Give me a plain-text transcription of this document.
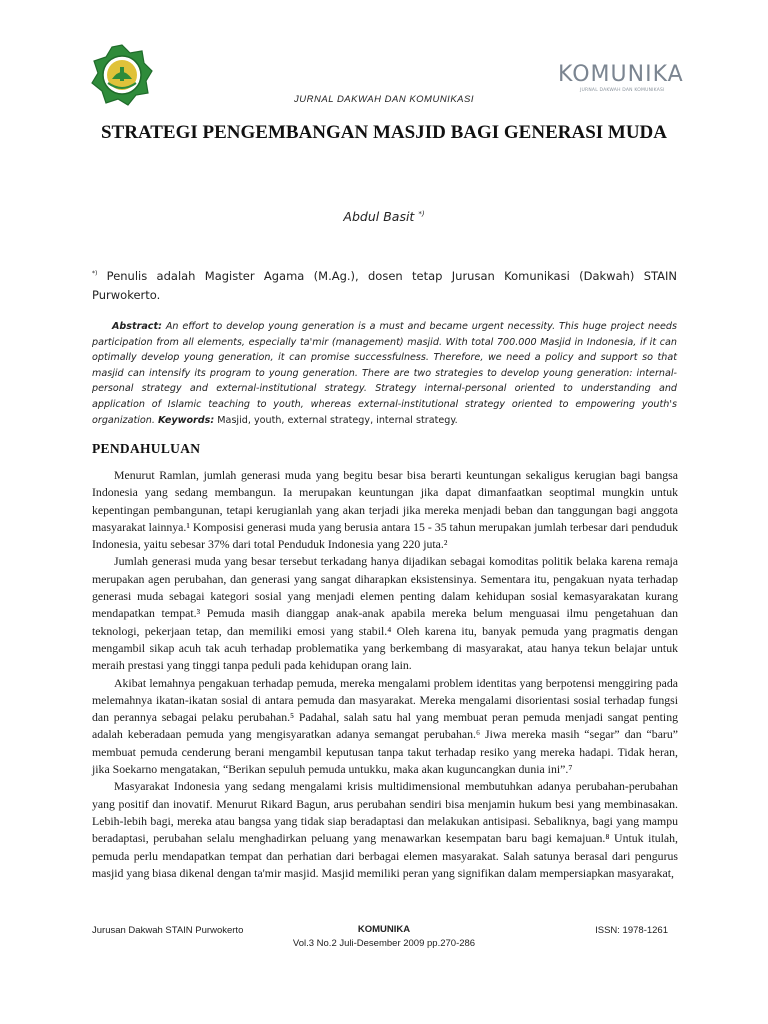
KOMUNIKA
JURNAL DAKWAH DAN KOMUNIKASI
JURNAL DAKWAH DAN KOMUNIKASI
STRATEGI PENGEMBANGAN MASJID BAGI GENERASI MUDA
Abdul Basit *)
*) Penulis adalah Magister Agama (M.Ag.), dosen tetap Jurusan Komunikasi (Dakwah) STAIN Purwokerto.
Abstract: An effort to develop young generation is a must and became urgent necessity. This huge project needs participation from all elements, especially ta'mir (management) masjid. With total 700.000 Masjid in Indonesia, if it can optimally develop young generation, it can promise successfulness. Therefore, we need a policy and support so that masjid can intensify its program to young generation. There are two strategies to develop young generation: internal-personal strategy and external-institutional strategy. Strategy internal-personal oriented to understanding and application of Islamic teaching to youth, whereas external-institutional strategy oriented to empowering youth's organization. Keywords: Masjid, youth, external strategy, internal strategy.
PENDAHULUAN

Menurut Ramlan, jumlah generasi muda yang begitu besar bisa berarti keuntungan sekaligus kerugian bagi bangsa Indonesia yang sedang membangun. Ia merupakan keuntungan jika dapat dimanfaatkan seoptimal mungkin untuk kepentingan pembangunan, tetapi kerugianlah yang akan terjadi jika mereka menjadi beban dan tanggungan bagi anggota masyarakat lainnya.¹ Komposisi generasi muda yang berusia antara 15 - 35 tahun merupakan jumlah terbesar dari penduduk Indonesia, yaitu sebesar 37% dari total Penduduk Indonesia yang 220 juta.²

Jumlah generasi muda yang besar tersebut terkadang hanya dijadikan sebagai komoditas politik belaka karena remaja merupakan agen perubahan, dan generasi yang sangat diharapkan eksistensinya. Sementara itu, pengakuan nyata terhadap generasi muda sebagai kategori sosial yang menjadi elemen penting dalam kehidupan sosial kemasyarakatan kurang mendapatkan tempat.³ Pemuda masih dianggap anak-anak apabila mereka belum menguasai ilmu pengetahuan dan teknologi, pekerjaan tetap, dan memiliki emosi yang stabil.⁴ Oleh karena itu, banyak pemuda yang pragmatis dengan mengambil sikap acuh tak acuh terhadap problematika yang berkembang di masyarakat, atau hanya tekun belajar untuk meraih prestasi yang tinggi tanpa peduli pada kehidupan orang lain.

Akibat lemahnya pengakuan terhadap pemuda, mereka mengalami problem identitas yang berpotensi menggiring pada melemahnya ikatan-ikatan sosial di antara pemuda dan masyarakat. Mereka mengalami disorientasi sosial terhadap fungsi dan perannya sebagai pelaku perubahan.⁵ Padahal, salah satu hal yang membuat peran pemuda menjadi sangat penting adalah keberadaan pemuda yang mengisyaratkan adanya semangat perubahan.⁶ Jiwa mereka masih “segar” dan “baru” membuat pemuda cenderung berani mengambil keputusan tanpa takut terhadap resiko yang mereka hadapi. Tidak heran, jika Soekarno mengatakan, “Berikan sepuluh pemuda untukku, maka akan kuguncangkan dunia ini”.⁷

Masyarakat Indonesia yang sedang mengalami krisis multidimensional membutuhkan adanya perubahan-perubahan yang positif dan inovatif. Menurut Rikard Bagun, arus perubahan sendiri bisa menjamin hukum besi yang membinasakan. Lebih-lebih bagi, mereka atau bangsa yang tidak siap beradaptasi dan melakukan antisipasi. Sebaliknya, bagi yang mampu beradaptasi, perubahan selalu menghadirkan peluang yang menawarkan kesempatan baru bagi kemajuan.⁸ Untuk itulah, pemuda perlu mendapatkan tempat dan perhatian dari berbagai elemen masyarakat. Salah satunya berasal dari pengurus masjid yang biasa dikenal dengan ta'mir masjid. Masjid memiliki peran yang signifikan dalam mempersiapkan masyarakat,

Jurusan Dakwah STAIN Purwokerto	KOMUNIKA
Vol.3 No.2 Juli-Desember 2009 pp.270-286
ISSN: 1978-1261
